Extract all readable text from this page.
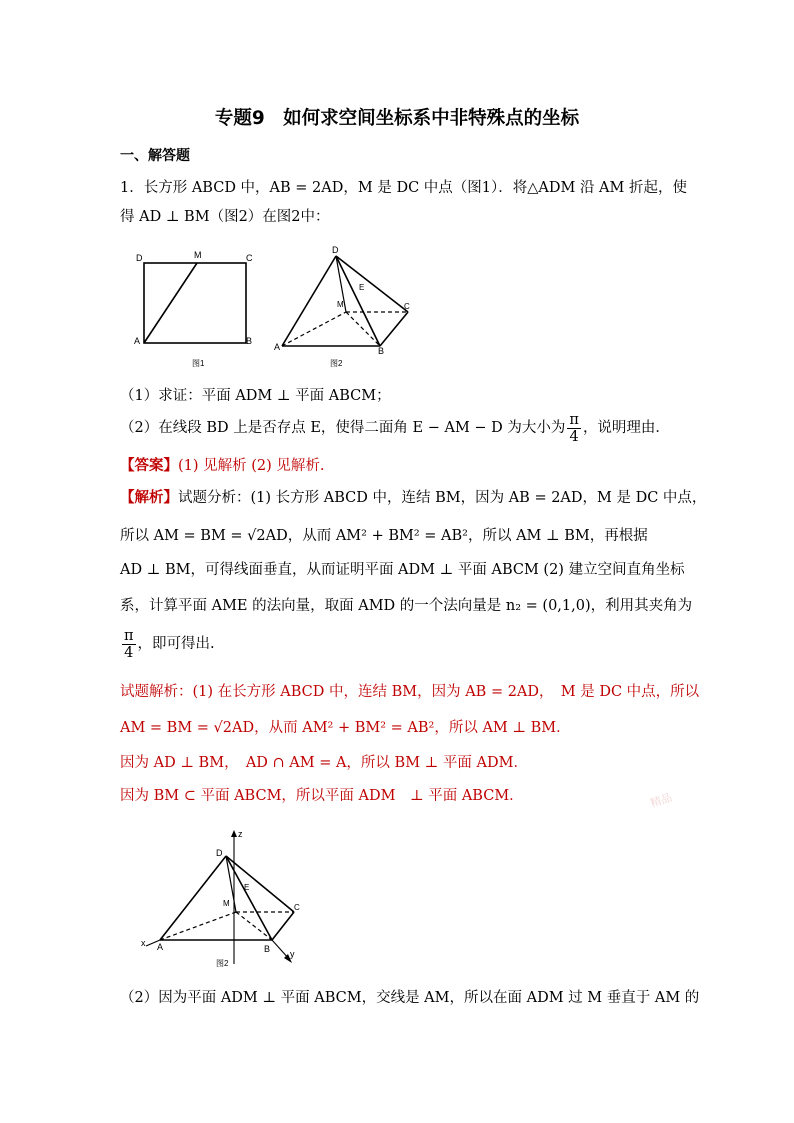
专题9　如何求空间坐标系中非特殊点的坐标
一、解答题
1．长方形 ABCD 中，AB = 2AD，M 是 DC 中点（图1）．将△ADM 沿 AM 折起，使
得 AD ⊥ BM（图2）在图2中：
D	M	C
A	B
图1
D
E
M	C
A	B
图2
（1）求证：平面 ADM ⊥ 平面 ABCM；
（2）在线段 BD 上是否存点 E，使得二面角 E − AM − D 为大小为 $\frac{\pi}{4}$ ，说明理由．
【答案】(1) 见解析 (2) 见解析.
【解析】试题分析：(1) 长方形 ABCD 中，连结 BM，因为 AB = 2AD，M 是 DC 中点，
所以 AM = BM = √2AD，从而 AM² + BM² = AB²，所以 AM ⊥ BM，再根据
AD ⊥ BM，可得线面垂直，从而证明平面 ADM ⊥ 平面 ABCM (2) 建立空间直角坐标
系，计算平面 AME 的法向量，取面 AMD 的一个法向量是 n₂ = (0,1,0)，利用其夹角为
$\frac{\pi}{4}$ ，即可得出.
试题解析：(1) 在长方形 ABCD 中，连结 BM，因为 AB = 2AD，　M 是 DC 中点，所以
AM = BM = √2AD，从而 AM² + BM² = AB²，所以 AM ⊥ BM．
因为 AD ⊥ BM，　AD ∩ AM = A，所以 BM ⊥ 平面 ADM．
因为 BM ⊂ 平面 ABCM，所以平面 ADM　⊥ 平面 ABCM．	精品
z
D
E
M	C
A	B
x
y
图2
（2）因为平面 ADM ⊥ 平面 ABCM，交线是 AM，所以在面 ADM 过 M 垂直于 AM 的
